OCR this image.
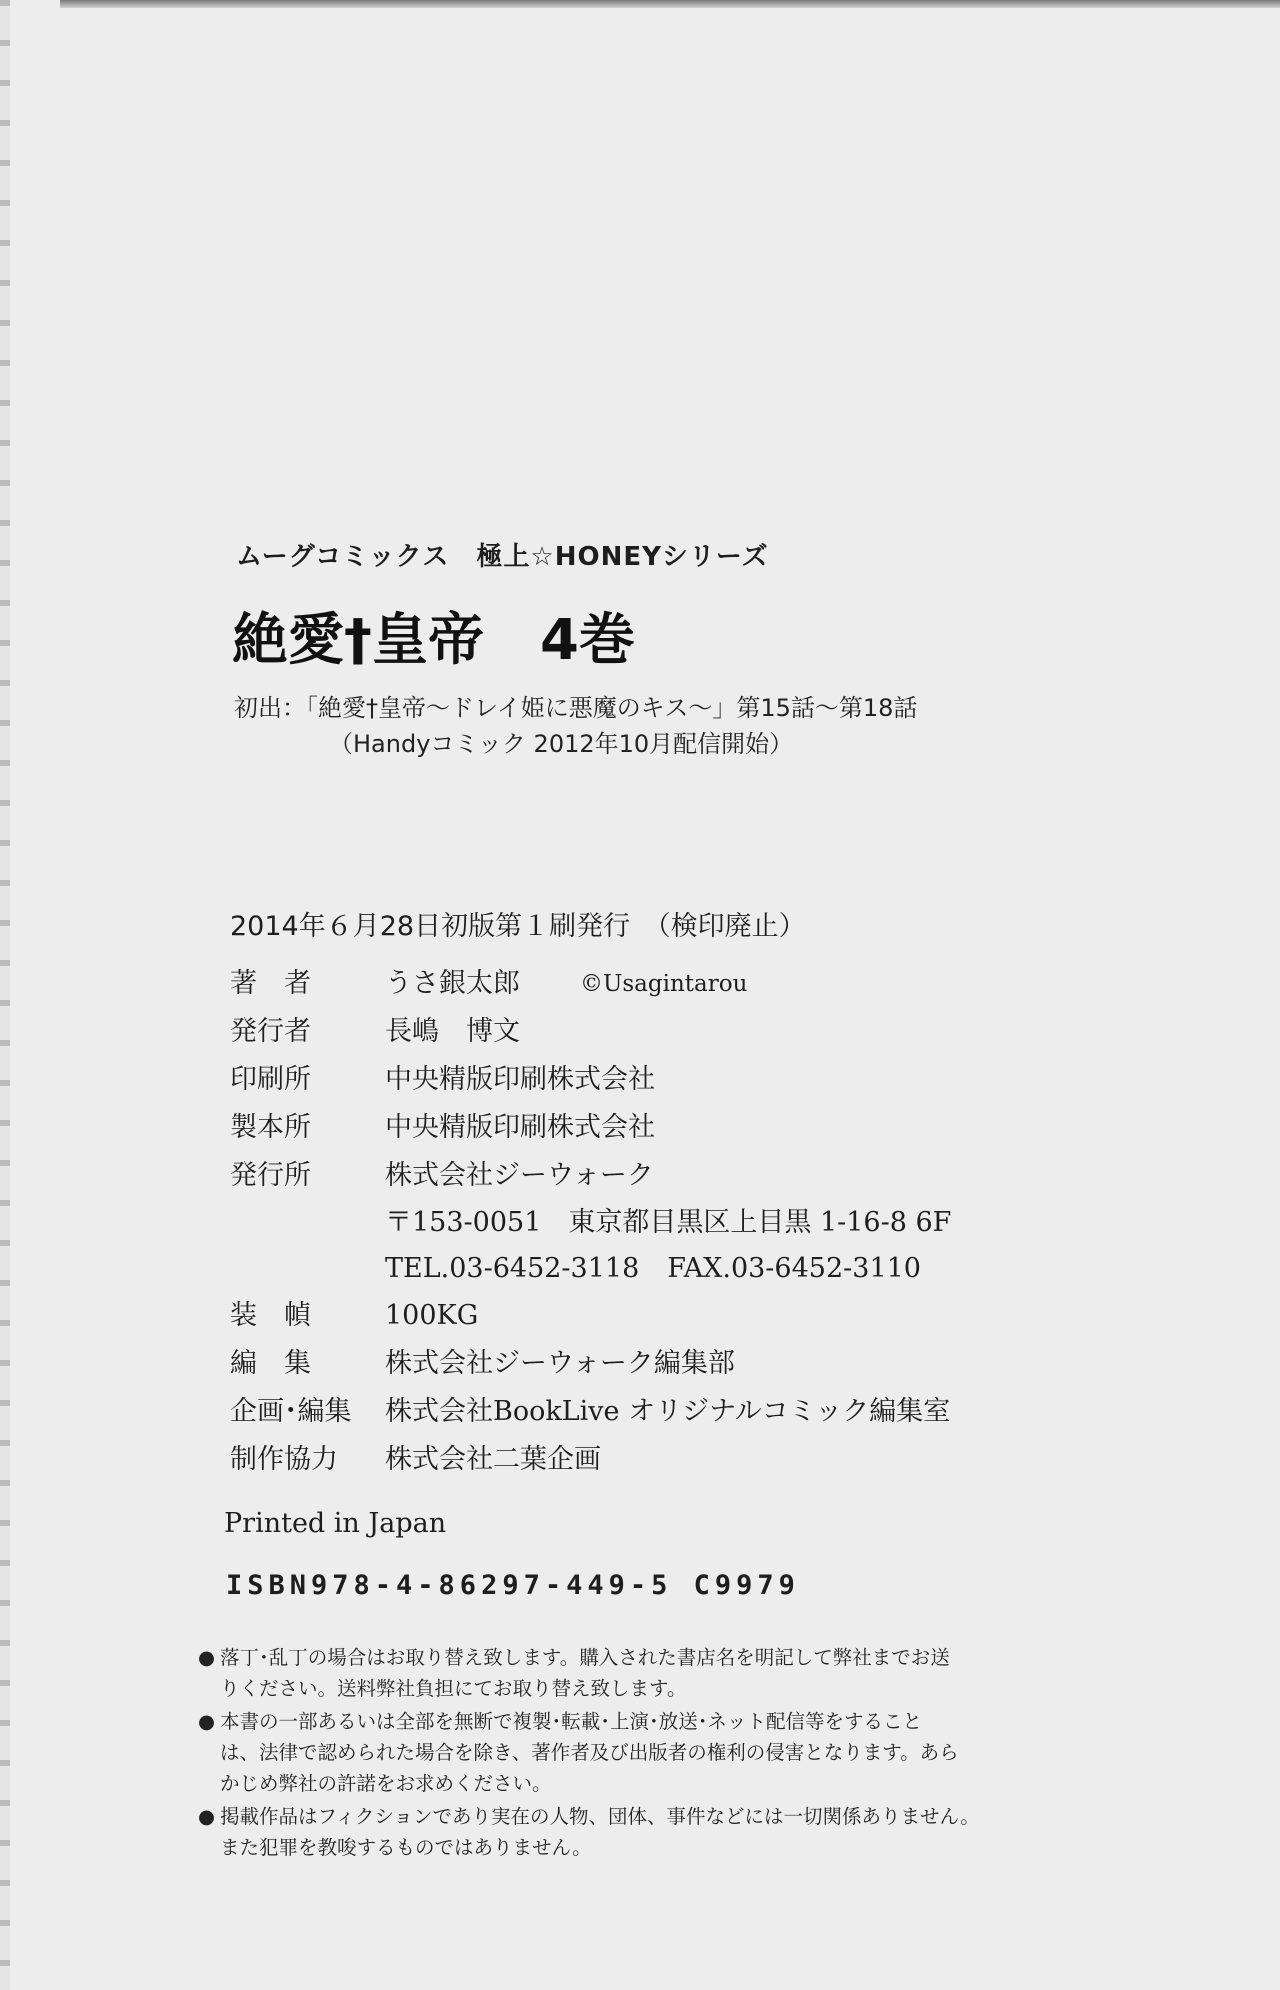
ムーグコミックス　極上☆HONEYシリーズ
絶愛†皇帝 4巻
初出：「絶愛†皇帝〜ドレイ姫に悪魔のキス〜」第15話〜第18話
（Handyコミック 2012年10月配信開始）
2014年６月28日初版第１刷発行　（検印廃止）
著　者	うさ銀太郎	©Usagintarou
発行者	長嶋　博文
印刷所	中央精版印刷株式会社
製本所	中央精版印刷株式会社
発行所	株式会社ジーウォーク
〒153-0051　東京都目黒区上目黒 1-16-8 6F
TEL.03-6452-3118 FAX.03-6452-3110
装　幀	100KG
編　集	株式会社ジーウォーク編集部
企画･編集	株式会社BookLive オリジナルコミック編集室
制作協力	株式会社二葉企画
Printed in Japan
ISBN978-4-86297-449-5 C9979
● 落丁･乱丁の場合はお取り替え致します。購入された書店名を明記して弊社までお送
りください。送料弊社負担にてお取り替え致します。
● 本書の一部あるいは全部を無断で複製･転載･上演･放送･ネット配信等をすること
は、法律で認められた場合を除き、著作者及び出版者の権利の侵害となります。あら
かじめ弊社の許諾をお求めください。
● 掲載作品はフィクションであり実在の人物、団体、事件などには一切関係ありません。
また犯罪を教唆するものではありません。
